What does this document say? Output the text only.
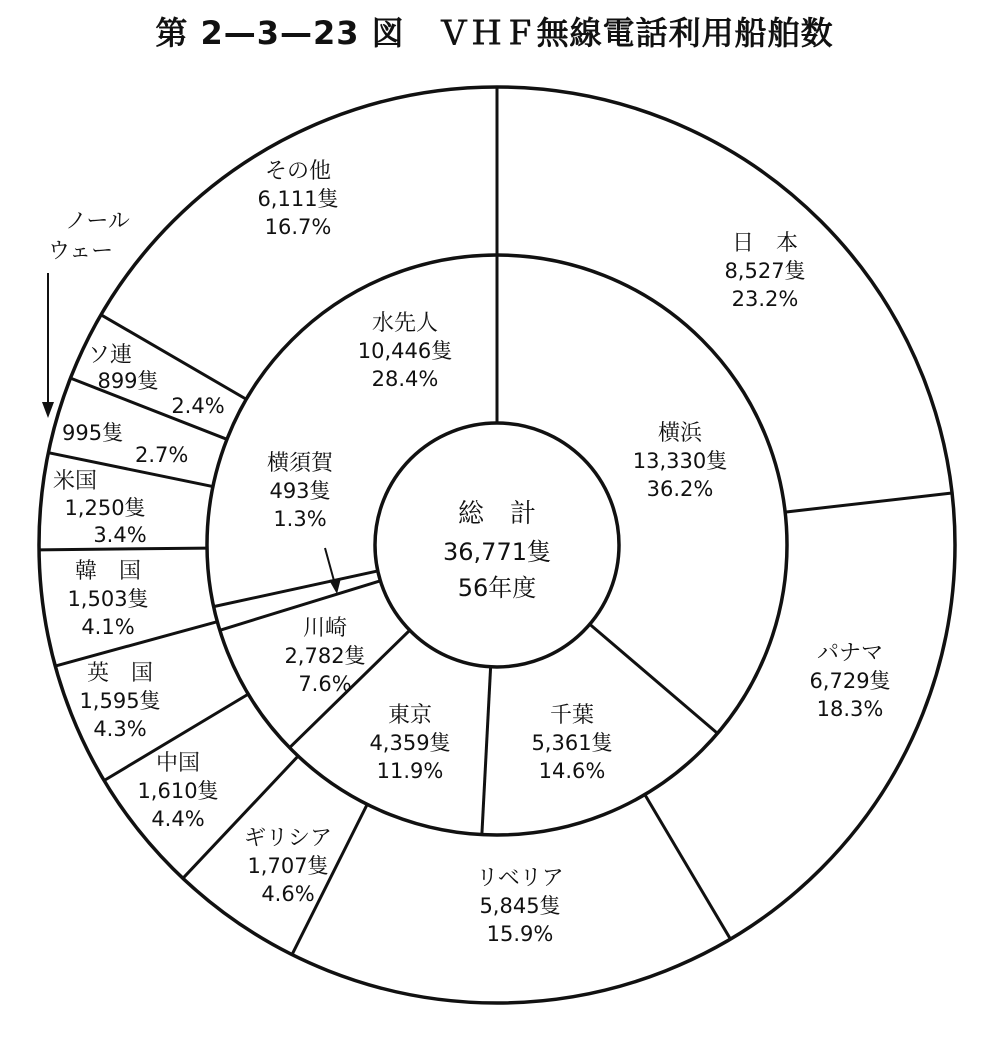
第 2—3—23 図　ＶＨＦ無線電話利用船舶数
日　本
8,527隻
23.2%
パナマ
6,729隻
18.3%
リベリア
5,845隻
15.9%
ギリシア
1,707隻
4.6%
中国
1,610隻
4.4%
英　国
1,595隻
4.3%
韓　国
1,503隻
4.1%
米国
1,250隻
3.4%
ノール
ウェー
995隻
2.7%
ソ連
899隻
2.4%
その他
6,111隻
16.7%
横浜
13,330隻
36.2%
千葉
5,361隻
14.6%
東京
4,359隻
11.9%
川崎
2,782隻
7.6%
横須賀
493隻
1.3%
水先人
10,446隻
28.4%
総　計
36,771隻
56年度
